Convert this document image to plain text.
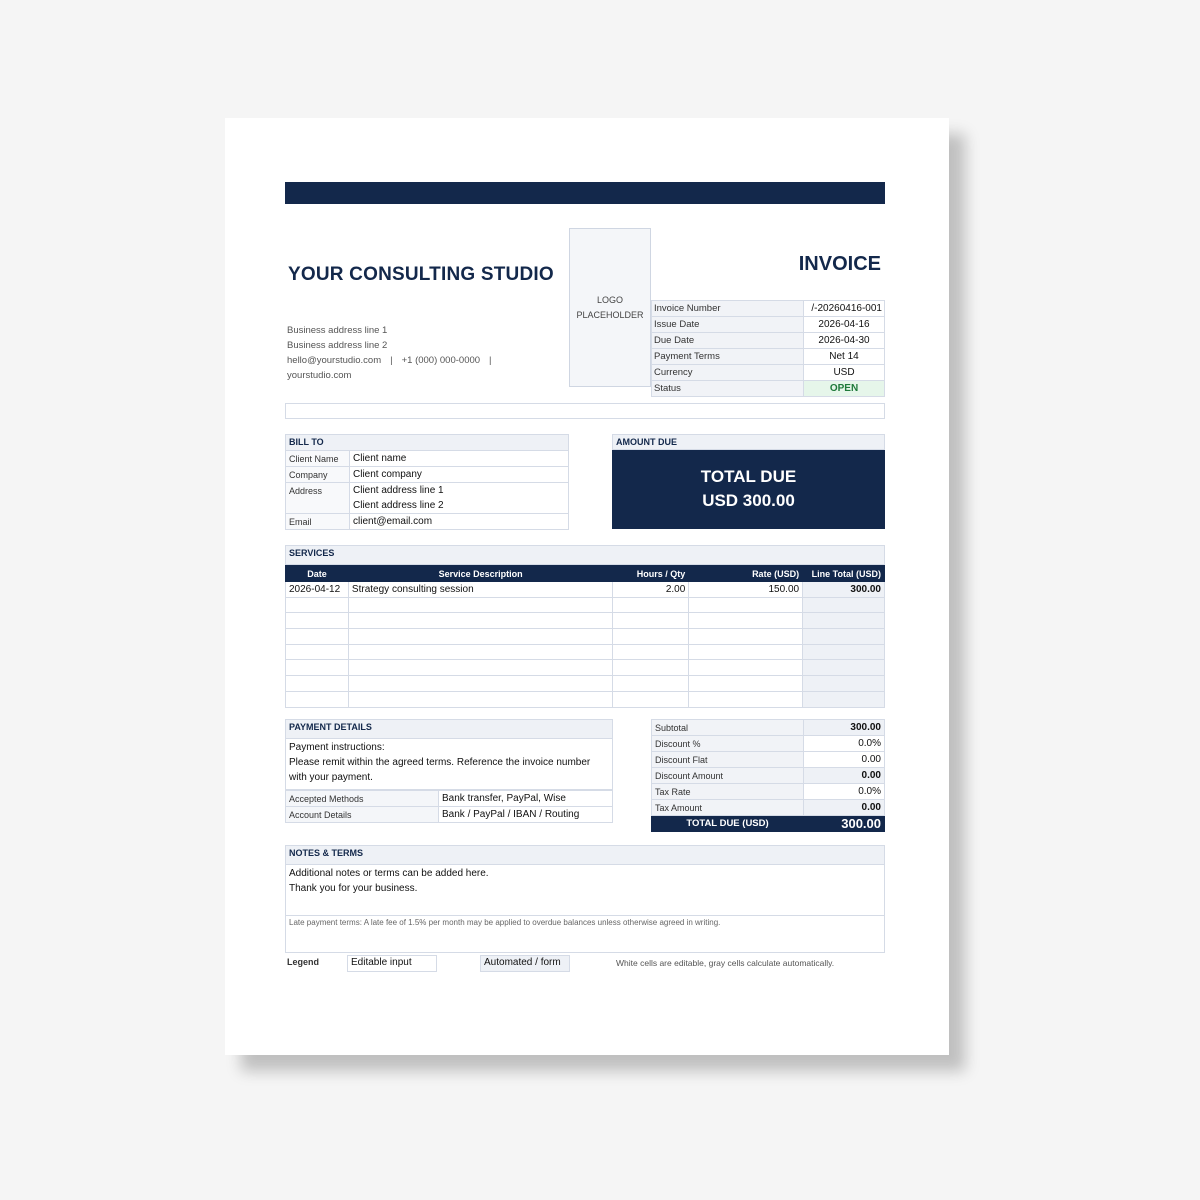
YOUR CONSULTING STUDIO
Business address line 1
Business address line 2
hello@yourstudio.com | +1 (000) 000-0000 |
yourstudio.com
LOGO PLACEHOLDER
INVOICE
Invoice Number	/-20260416-001
Issue Date	2026-04-16
Due Date	2026-04-30
Payment Terms	Net 14
Currency	USD
Status	OPEN
BILL TO	
Client Name	Client name
Company	Client company
Address	Client address line 1
	Client address line 2
Email	client@email.com
AMOUNT DUE
TOTAL DUE
USD 300.00
SERVICES
Date	Service Description	Hours / Qty	Rate (USD)	Line Total (USD)
2026-04-12	Strategy consulting session	2.00	150.00	300.00

PAYMENT DETAILS
Payment instructions:
Please remit within the agreed terms. Reference the invoice number with your payment.
Accepted Methods	Bank transfer, PayPal, Wise
Account Details	Bank / PayPal / IBAN / Routing
Subtotal	300.00
Discount %	0.0%
Discount Flat	0.00
Discount Amount	0.00
Tax Rate	0.0%
Tax Amount	0.00
TOTAL DUE (USD)	300.00
NOTES & TERMS
Additional notes or terms can be added here.
Thank you for your business.
Late payment terms: A late fee of 1.5% per month may be applied to overdue balances unless otherwise agreed in writing.
Legend	Editable input	Automated / form	White cells are editable, gray cells calculate automatically.
